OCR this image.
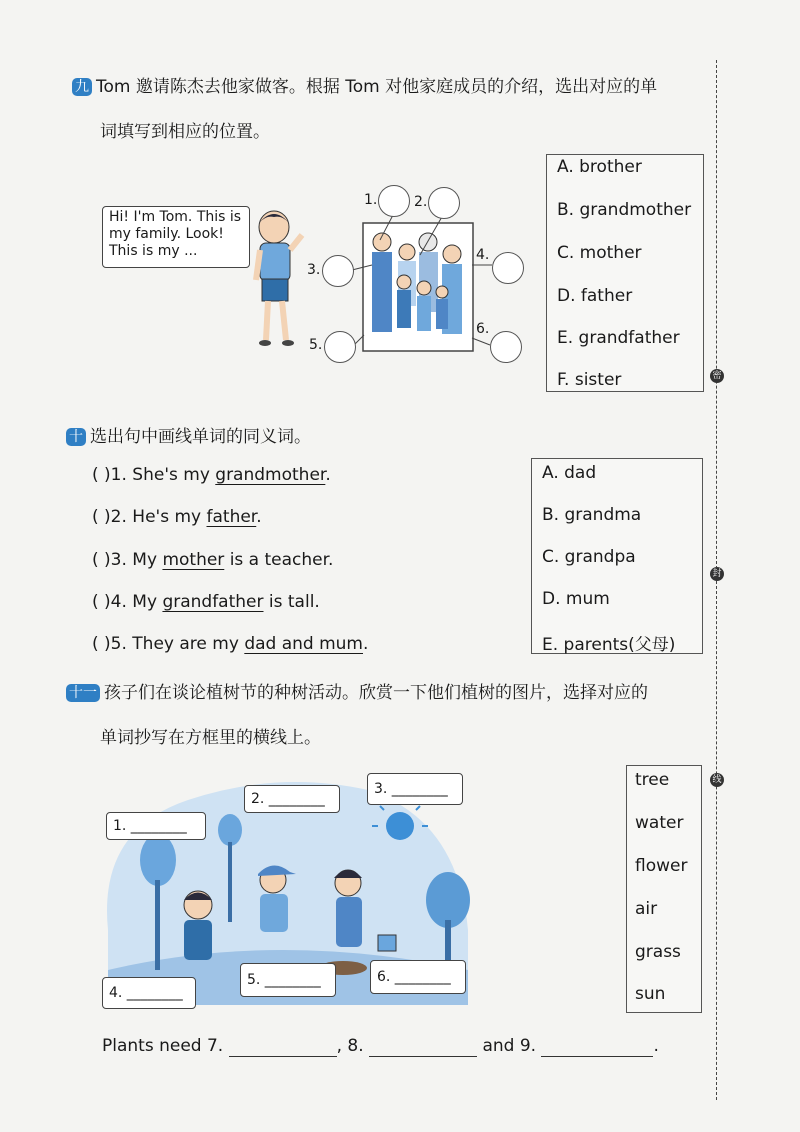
密
封
线
九 Tom 邀请陈杰去他家做客。根据 Tom 对他家庭成员的介绍，选出对应的单
词填写到相应的位置。
Hi! I'm Tom. This is
my family. Look!
This is my ...
1.	2.
3.
4.
5.
6.
A. brother
B. grandmother
C. mother
D. father
E. grandfather
F. sister
十 选出句中画线单词的同义词。
( )1. She's my grandmother.
( )2. He's my father.
( )3. My mother is a teacher.
( )4. My grandfather is tall.
( )5. They are my dad and mum.
A. dad
B. grandma
C. grandpa
D. mum
E. parents(父母)
十一 孩子们在谈论植树节的种树活动。欣赏一下他们植树的图片，选择对应的
单词抄写在方框里的横线上。
1. ________
2. ________
3. ________
4. ________
5. ________	6. ________
tree
water
flower
air
grass
sun
Plants need 7.	, 8.	and 9.	.
